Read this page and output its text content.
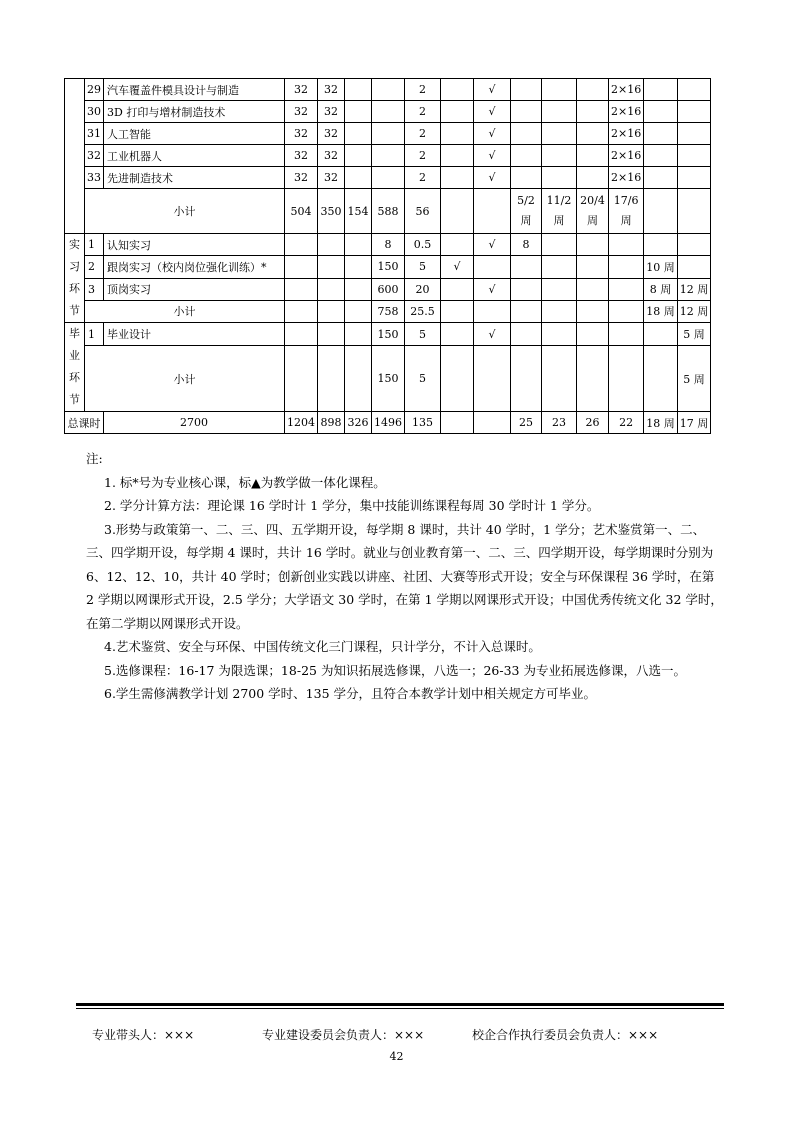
	29	汽车覆盖件模具设计与制造	32	32			2		√				2×16		
	30	3D 打印与增材制造技术	32	32			2		√				2×16		
	31	人工智能	32	32			2		√				2×16		
	32	工业机器人	32	32			2		√				2×16		
	33	先进制造技术	32	32			2		√				2×16		
	小计		504	350	154	588	56			5/2 周	11/2 周	20/4 周	17/6 周		
实习环节	1	认知实习				8	0.5		√	8					
	2	跟岗实习（校内岗位强化训练）*				150	5	√						10 周	
	3	顶岗实习				600	20		√					8 周	12 周
	小计					758	25.5							18 周	12 周
毕业环节	1	毕业设计				150	5		√						5 周
	小计					150	5								5 周
总课时		2700	1204	898	326	1496	135			25	23	26	22	18 周	17 周

注:

1. 标*号为专业核心课，标▲为教学做一体化课程。

2. 学分计算方法：理论课 16 学时计 1 学分，集中技能训练课程每周 30 学时计 1 学分。

3.形势与政策第一、二、三、四、五学期开设，每学期 8 课时，共计 40 学时，1 学分；艺术鉴赏第一、二、三、四学期开设，每学期 4 课时，共计 16 学时。就业与创业教育第一、二、三、四学期开设，每学期课时分别为 6、12、12、10，共计 40 学时；创新创业实践以讲座、社团、大赛等形式开设；安全与环保课程 36 学时，在第 2 学期以网课形式开设，2.5 学分；大学语文 30 学时，在第 1 学期以网课形式开设；中国优秀传统文化 32 学时，在第二学期以网课形式开设。

4.艺术鉴赏、安全与环保、中国传统文化三门课程，只计学分，不计入总课时。

5.选修课程：16-17 为限选课；18-25 为知识拓展选修课，八选一；26-33 为专业拓展选修课，八选一。

6.学生需修满教学计划 2700 学时、135 学分，且符合本教学计划中相关规定方可毕业。

专业带头人：×××	专业建设委员会负责人：×××	校企合作执行委员会负责人：×××
42
